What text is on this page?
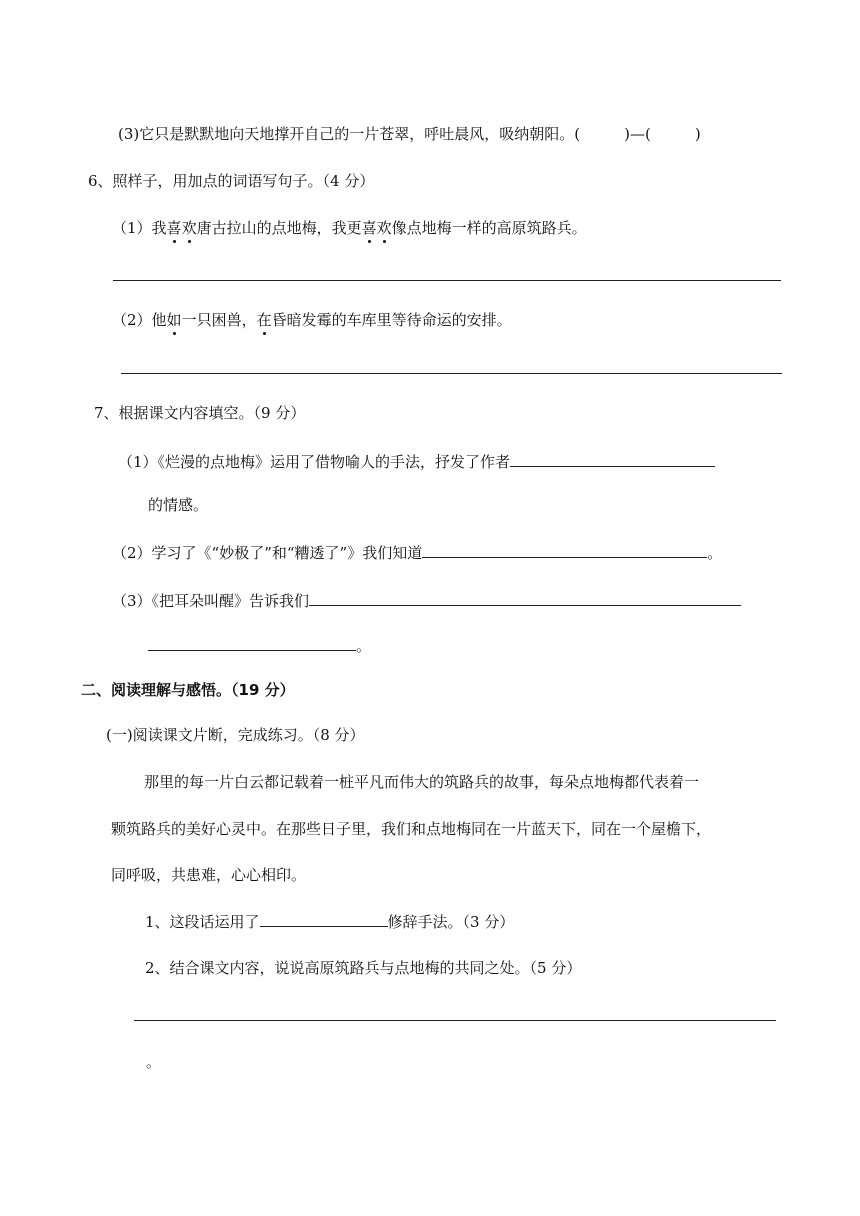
(3)它只是默默地向天地撑开自己的一片苍翠，呼吐晨风，吸纳朝阳。(	)—(	)
6、照样子，用加点的词语写句子。（4 分）
（1）我喜欢唐古拉山的点地梅，我更喜欢像点地梅一样的高原筑路兵。
（2）他如一只困兽，在昏暗发霉的车库里等待命运的安排。
7、根据课文内容填空。（9 分）
（1）《烂漫的点地梅》运用了借物喻人的手法，抒发了作者
的情感。
（2）学习了《“妙极了”和“糟透了”》我们知道	。
（3）《把耳朵叫醒》告诉我们
。
二、阅读理解与感悟。（19 分）
(一)阅读课文片断，完成练习。（8 分）
那里的每一片白云都记载着一桩平凡而伟大的筑路兵的故事，每朵点地梅都代表着一
颗筑路兵的美好心灵中。在那些日子里，我们和点地梅同在一片蓝天下，同在一个屋檐下，
同呼吸，共患难，心心相印。
1、这段话运用了	修辞手法。（3 分）
2、结合课文内容，说说高原筑路兵与点地梅的共同之处。（5 分）
。
